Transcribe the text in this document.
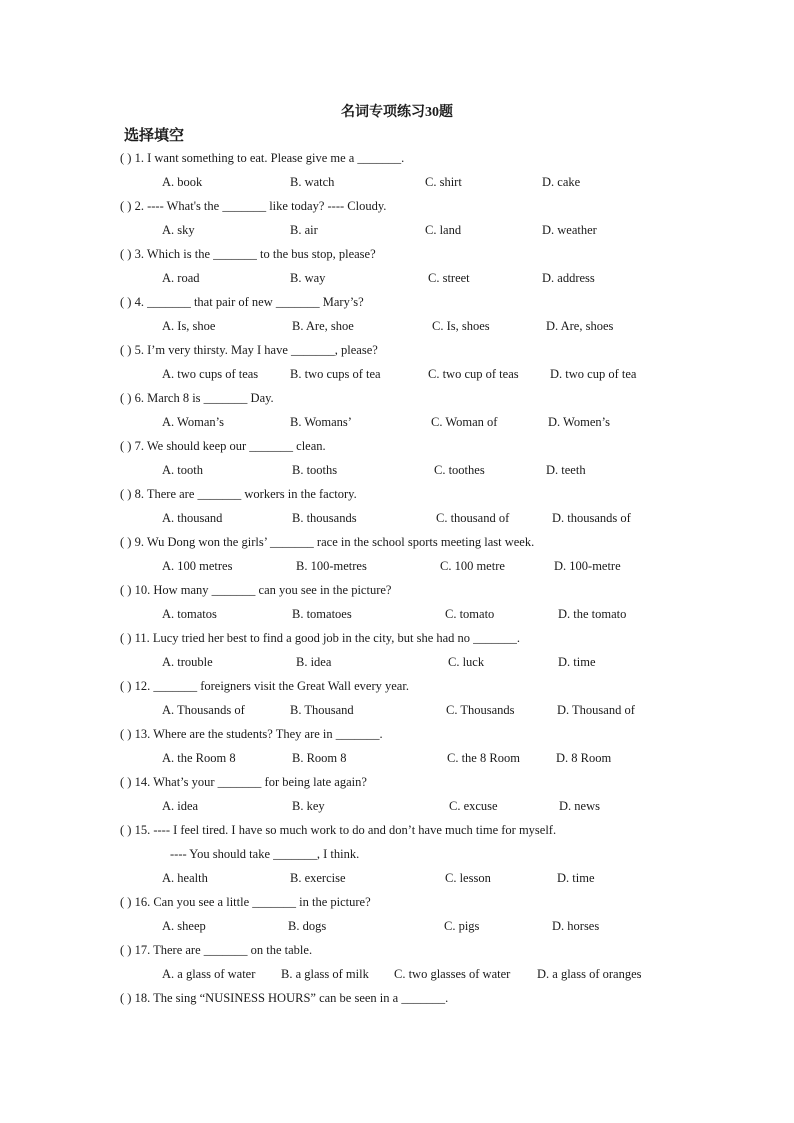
名词专项练习30题
选择填空
( ) 1. I want something to eat. Please give me a _______.
A. book	B. watch	C. shirt	D. cake
( ) 2. ---- What's the _______ like today? ---- Cloudy.
A. sky	B. air	C. land	D. weather
( ) 3. Which is the _______ to the bus stop, please?
A. road	B. way	C. street	D. address
( ) 4. _______ that pair of new _______ Mary’s?
A. Is, shoe	B. Are, shoe	C. Is, shoes	D. Are, shoes
( ) 5. I’m very thirsty. May I have _______, please?
A. two cups of teas	B. two cups of tea	C. two cup of teas	D. two cup of tea
( ) 6. March 8 is _______ Day.
A. Woman’s	B. Womans’	C. Woman of	D. Women’s
( ) 7. We should keep our _______ clean.
A. tooth	B. tooths	C. toothes	D. teeth
( ) 8. There are _______ workers in the factory.
A. thousand	B. thousands	C. thousand of	D. thousands of
( ) 9. Wu Dong won the girls’ _______ race in the school sports meeting last week.
A. 100 metres	B. 100-metres	C. 100 metre	D. 100-metre
( ) 10. How many _______ can you see in the picture?
A. tomatos	B. tomatoes	C. tomato	D. the tomato
( ) 11. Lucy tried her best to find a good job in the city, but she had no _______.
A. trouble	B. idea	C. luck	D. time
( ) 12. _______ foreigners visit the Great Wall every year.
A. Thousands of	B. Thousand	C. Thousands	D. Thousand of
( ) 13. Where are the students? They are in _______.
A. the Room 8	B. Room 8	C. the 8 Room	D. 8 Room
( ) 14. What’s your _______ for being late again?
A. idea	B. key	C. excuse	D. news
( ) 15. ---- I feel tired. I have so much work to do and don’t have much time for myself.
---- You should take _______, I think.
A. health	B. exercise	C. lesson	D. time
( ) 16. Can you see a little _______ in the picture?
A. sheep	B. dogs	C. pigs	D. horses
( ) 17. There are _______ on the table.
A. a glass of water B. a glass of milk C. two glasses of water D. a glass of oranges
( ) 18. The sing “NUSINESS HOURS” can be seen in a _______.
